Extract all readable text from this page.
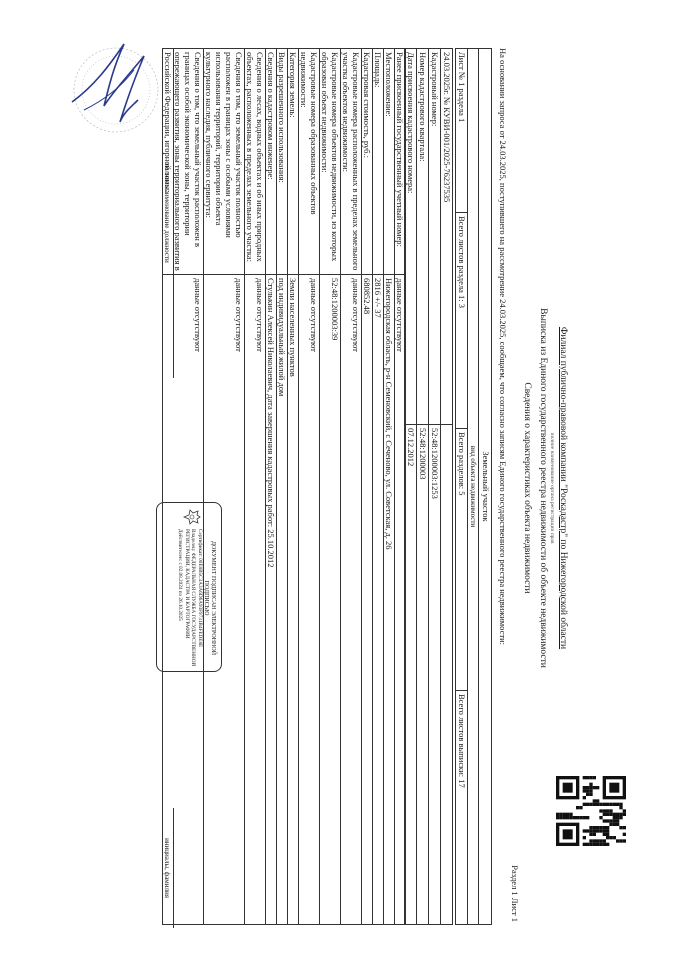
Филиал публично-правовой компании "Роскадастр" по Нижегородской области
полное наименование органа регистрации прав
Выписка из Единого государственного реестра недвижимости об объекте недвижимости
Сведения о характеристиках объекта недвижимости
Раздел 1 Лист 1
На основании запроса от 24.03.2025, поступившего на рассмотрение 24.03.2025, сообщаем, что согласно записям Единого государственного реестра недвижимости:
Земельный участок
вид объекта недвижимости
Лист № 1 раздела 1	Всего листов раздела 1: 3	Всего разделов: 5	Всего листов выписки: 17
24.03.2025г. № КУВИ-001/2025-76237535	
Кадастровый номер:	52:48:1200003:1253
Номер кадастрового квартала:	52:48:1200003
Дата присвоения кадастрового номера:	07.12.2012
Ранее присвоенный государственный учетный номер:	данные отсутствуют
Местоположение:	Нижегородская область, р-н Семеновский, с Сеченово, ул. Советская, д. 26
Площадь:	2816 +/- 37
Кадастровая стоимость, руб.:	680852.48
Кадастровые номера расположенных в пределах земельного участка объектов недвижимости:	данные отсутствуют
Кадастровые номера объектов недвижимости, из которых образован объект недвижимости:	52:48:1200003:39
Кадастровые номера образованных объектов недвижимости:	данные отсутствуют
Категория земель:	Земли населенных пунктов
Виды разрешенного использования:	под индивидуальный жилой дом
Сведения о кадастровом инженере:	Стулькин Алексей Николаевич, дата завершения кадастровых работ: 25.10.2012
Сведения о лесах, водных объектах и об иных природных объектах, расположенных в пределах земельного участка:	данные отсутствуют
Сведения о том, что земельный участок полностью расположен в границах зоны с особыми условиями использования территорий, территории объекта культурного наследия, публичного сервитута:	данные отсутствуют
Сведения о том, что земельный участок расположен в границах особой экономической зоны, территории опережающего развития, зоны территориального развития в Российской Федерации, игорной зоны:	данные отсутствуют
ДОКУМЕНТ ПОДПИСАН ЭЛЕКТРОННОЙ ПОДПИСЬЮ
Сертификат: 00E8B5C3A3A6D6A93F9731B4FEDE8E
Владелец: ФЕДЕРАЛЬНАЯ СЛУЖБА ГОСУДАРСТВЕННОЙ
РЕГИСТРАЦИИ, КАДАСТРА И КАРТОГРАФИИ
Действителен: с 02.08.2024 по 26.10.2025
полное наименование должности
инициалы, фамилия
